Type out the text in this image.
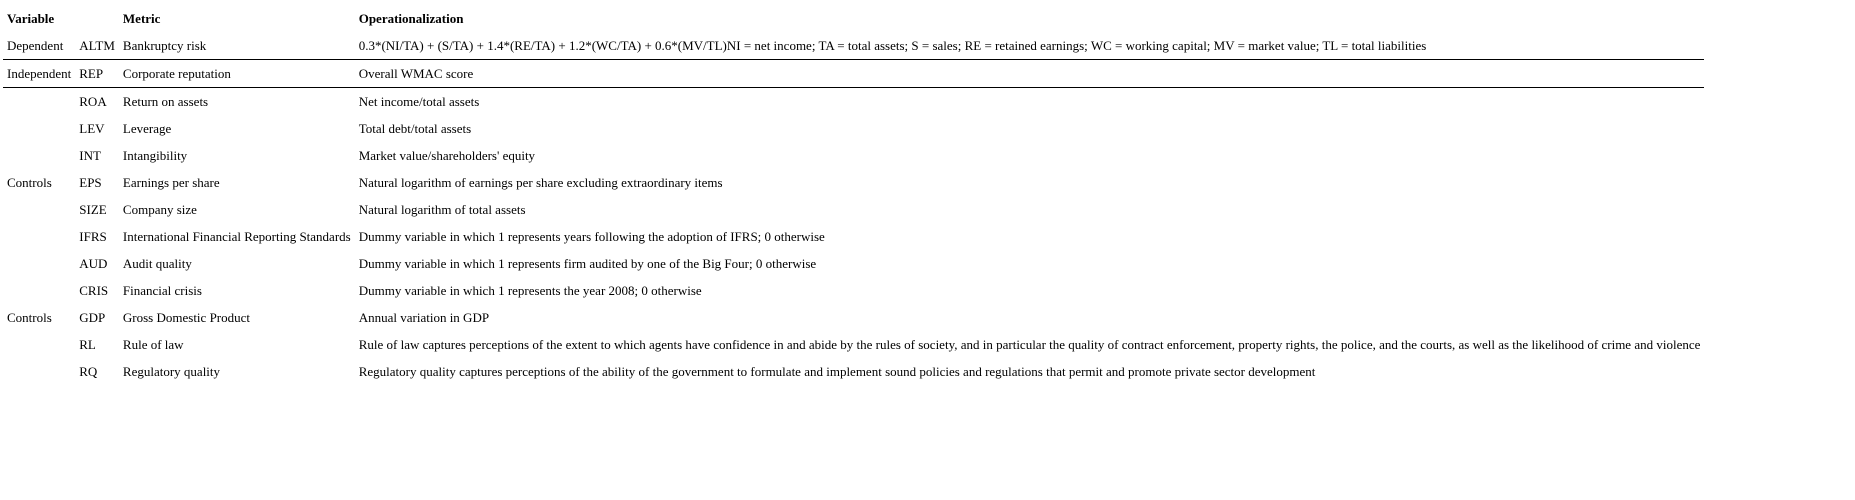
Variable		Metric	Operationalization
Dependent	ALTM	Bankruptcy risk	0.3*(NI/TA) + (S/TA) + 1.4*(RE/TA) + 1.2*(WC/TA) + 0.6*(MV/TL)NI = net income; TA = total assets; S = sales; RE = retained earnings; WC = working capital; MV = market value; TL = total liabilities
Independent	REP	Corporate reputation	Overall WMAC score
	ROA	Return on assets	Net income/total assets
	LEV	Leverage	Total debt/total assets
	INT	Intangibility	Market value/shareholders' equity
Controls	EPS	Earnings per share	Natural logarithm of earnings per share excluding extraordinary items
	SIZE	Company size	Natural logarithm of total assets
	IFRS	International Financial Reporting Standards	Dummy variable in which 1 represents years following the adoption of IFRS; 0 otherwise
	AUD	Audit quality	Dummy variable in which 1 represents firm audited by one of the Big Four; 0 otherwise
	CRIS	Financial crisis	Dummy variable in which 1 represents the year 2008; 0 otherwise
Controls	GDP	Gross Domestic Product	Annual variation in GDP
	RL	Rule of law	Rule of law captures perceptions of the extent to which agents have confidence in and abide by the rules of society, and in particular the quality of contract enforcement, property rights, the police, and the courts, as well as the likelihood of crime and violence
	RQ	Regulatory quality	Regulatory quality captures perceptions of the ability of the government to formulate and implement sound policies and regulations that permit and promote private sector development
